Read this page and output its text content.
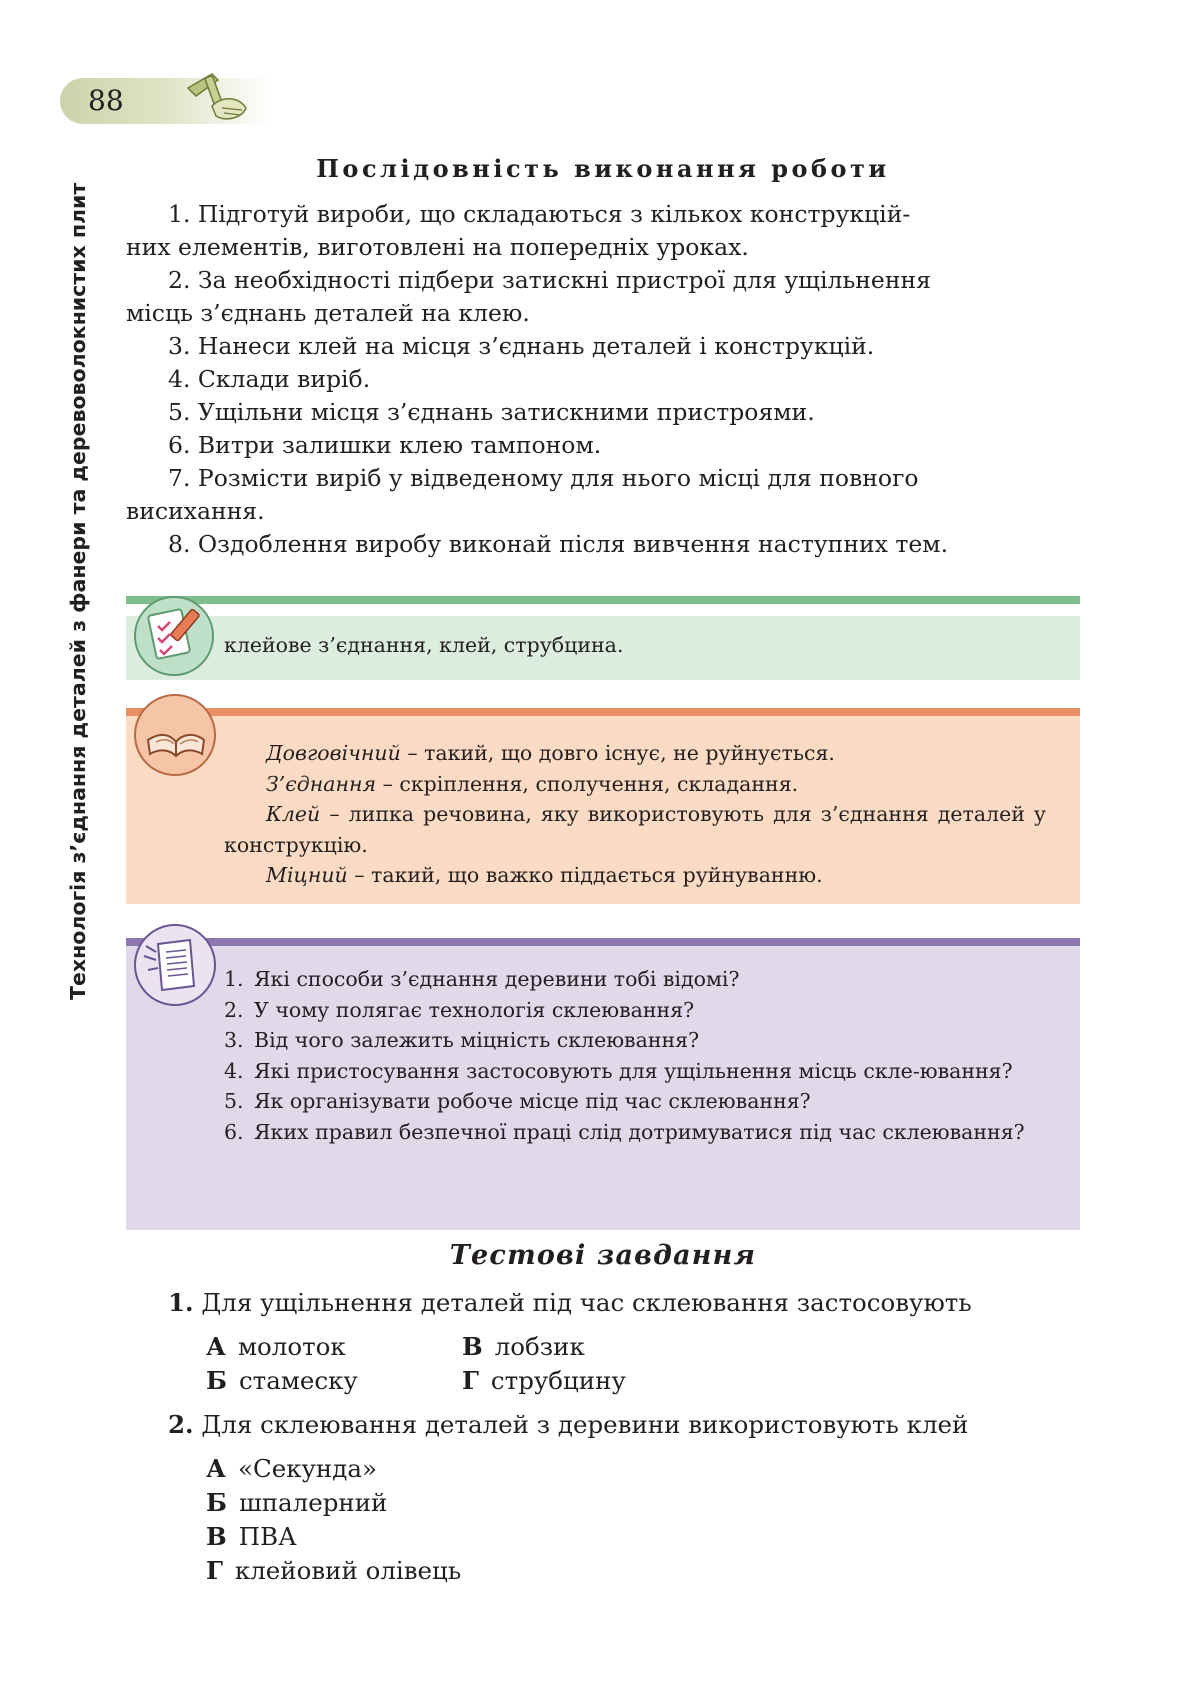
88
Технологія з’єднання деталей з фанери та деревоволокнистих плит
Послідовність виконання роботи

1. Підготуй вироби, що складаються з кількох конструкцій-

них елементів, виготовлені на попередніх уроках.

2. За необхідності підбери затискні пристрої для ущільнення

місць з’єднань деталей на клею.

3. Нанеси клей на місця з’єднань деталей і конструкцій.

4. Склади виріб.

5. Ущільни місця з’єднань затискними пристроями.

6. Витри залишки клею тампоном.

7. Розмісти виріб у відведеному для нього місці для повного

висихання.

8. Оздоблення виробу виконай після вивчення наступних тем.

клейове з’єднання, клей, струбцина.

Довговічний – такий, що довго існує, не руйнується.

З’єднання – скріплення, сполучення, складання.

Клей – липка речовина, яку використовують для з’єднання деталей у конструкцію.

Міцний – такий, що важко піддається руйнуванню.

1. Які способи з’єднання деревини тобі відомі?
2. У чому полягає технологія склеювання?
3. Від чого залежить міцність склеювання?
4. Які пристосування застосовують для ущільнення місць скле-ювання?
5. Як організувати робоче місце під час склеювання?
6. Яких правил безпечної праці слід дотримуватися під час склеювання?
Тестові завдання
1. Для ущільнення деталей під час склеювання застосовують
А молоток	В лобзик
Б стамеску	Г струбцину
2. Для склеювання деталей з деревини використовують клей
А «Секунда»
Б шпалерний
В ПВА
Г клейовий олівець
